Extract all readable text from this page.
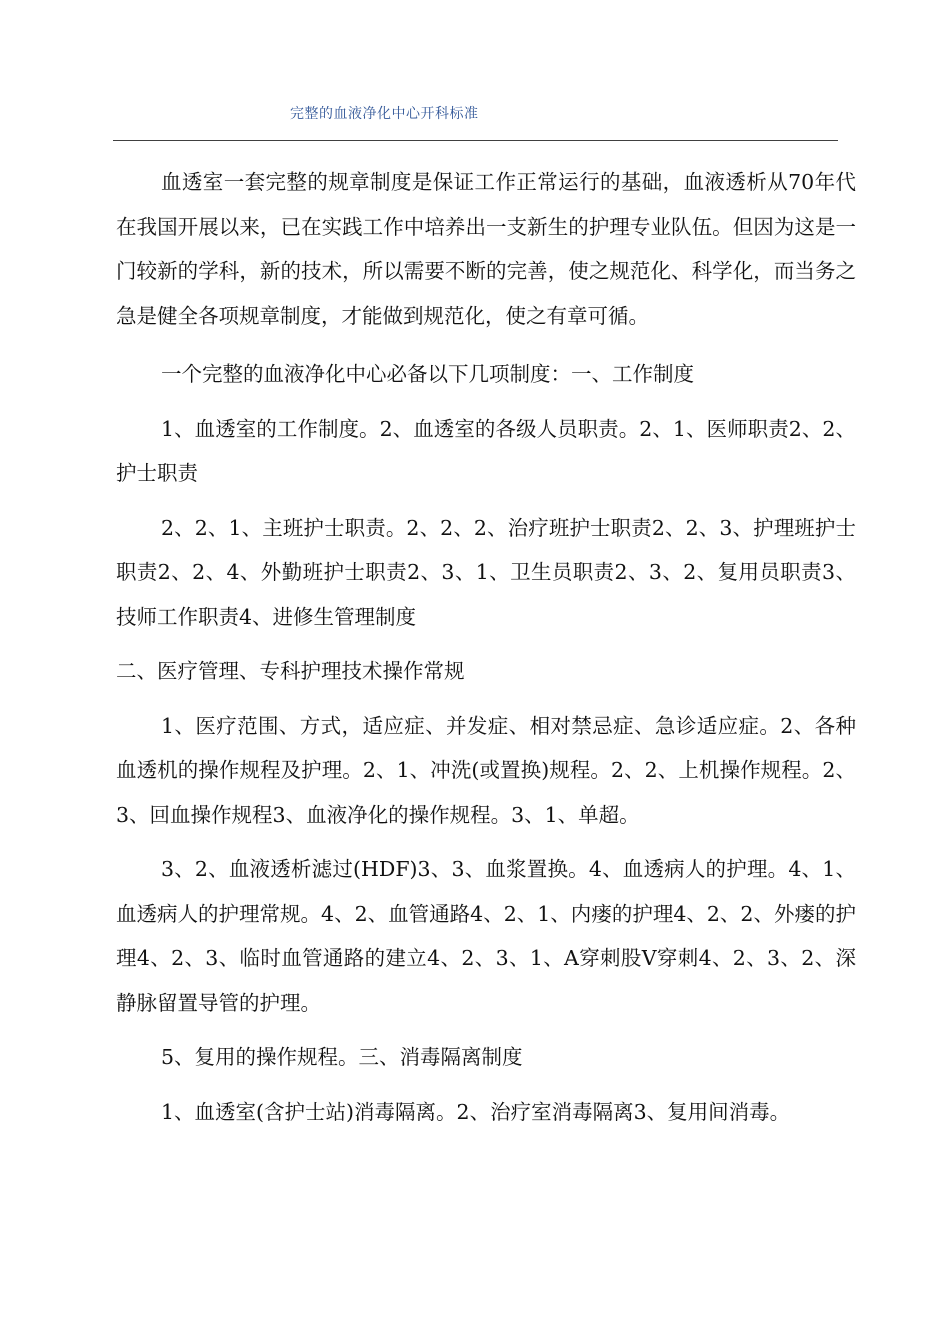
完整的血液净化中心开科标准

血透室一套完整的规章制度是保证工作正常运行的基础，血液透析从70年代在我国开展以来，已在实践工作中培养出一支新生的护理专业队伍。但因为这是一门较新的学科，新的技术，所以需要不断的完善，使之规范化、科学化，而当务之急是健全各项规章制度，才能做到规范化，使之有章可循。

一个完整的血液净化中心必备以下几项制度：一、工作制度

1、血透室的工作制度。2、血透室的各级人员职责。2、1、医师职责2、2、护士职责

2、2、1、主班护士职责。2、2、2、治疗班护士职责2、2、3、护理班护士职责2、2、4、外勤班护士职责2、3、1、卫生员职责2、3、2、复用员职责3、技师工作职责4、进修生管理制度

二、医疗管理、专科护理技术操作常规

1、医疗范围、方式，适应症、并发症、相对禁忌症、急诊适应症。2、各种血透机的操作规程及护理。2、1、冲洗(或置换)规程。2、2、上机操作规程。2、3、回血操作规程3、血液净化的操作规程。3、1、单超。

3、2、血液透析滤过(HDF)3、3、血浆置换。4、血透病人的护理。4、1、血透病人的护理常规。4、2、血管通路4、2、1、内瘘的护理4、2、2、外瘘的护理4、2、3、临时血管通路的建立4、2、3、1、A穿刺股V穿刺4、2、3、2、深静脉留置导管的护理。

5、复用的操作规程。三、消毒隔离制度

1、血透室(含护士站)消毒隔离。2、治疗室消毒隔离3、复用间消毒。
